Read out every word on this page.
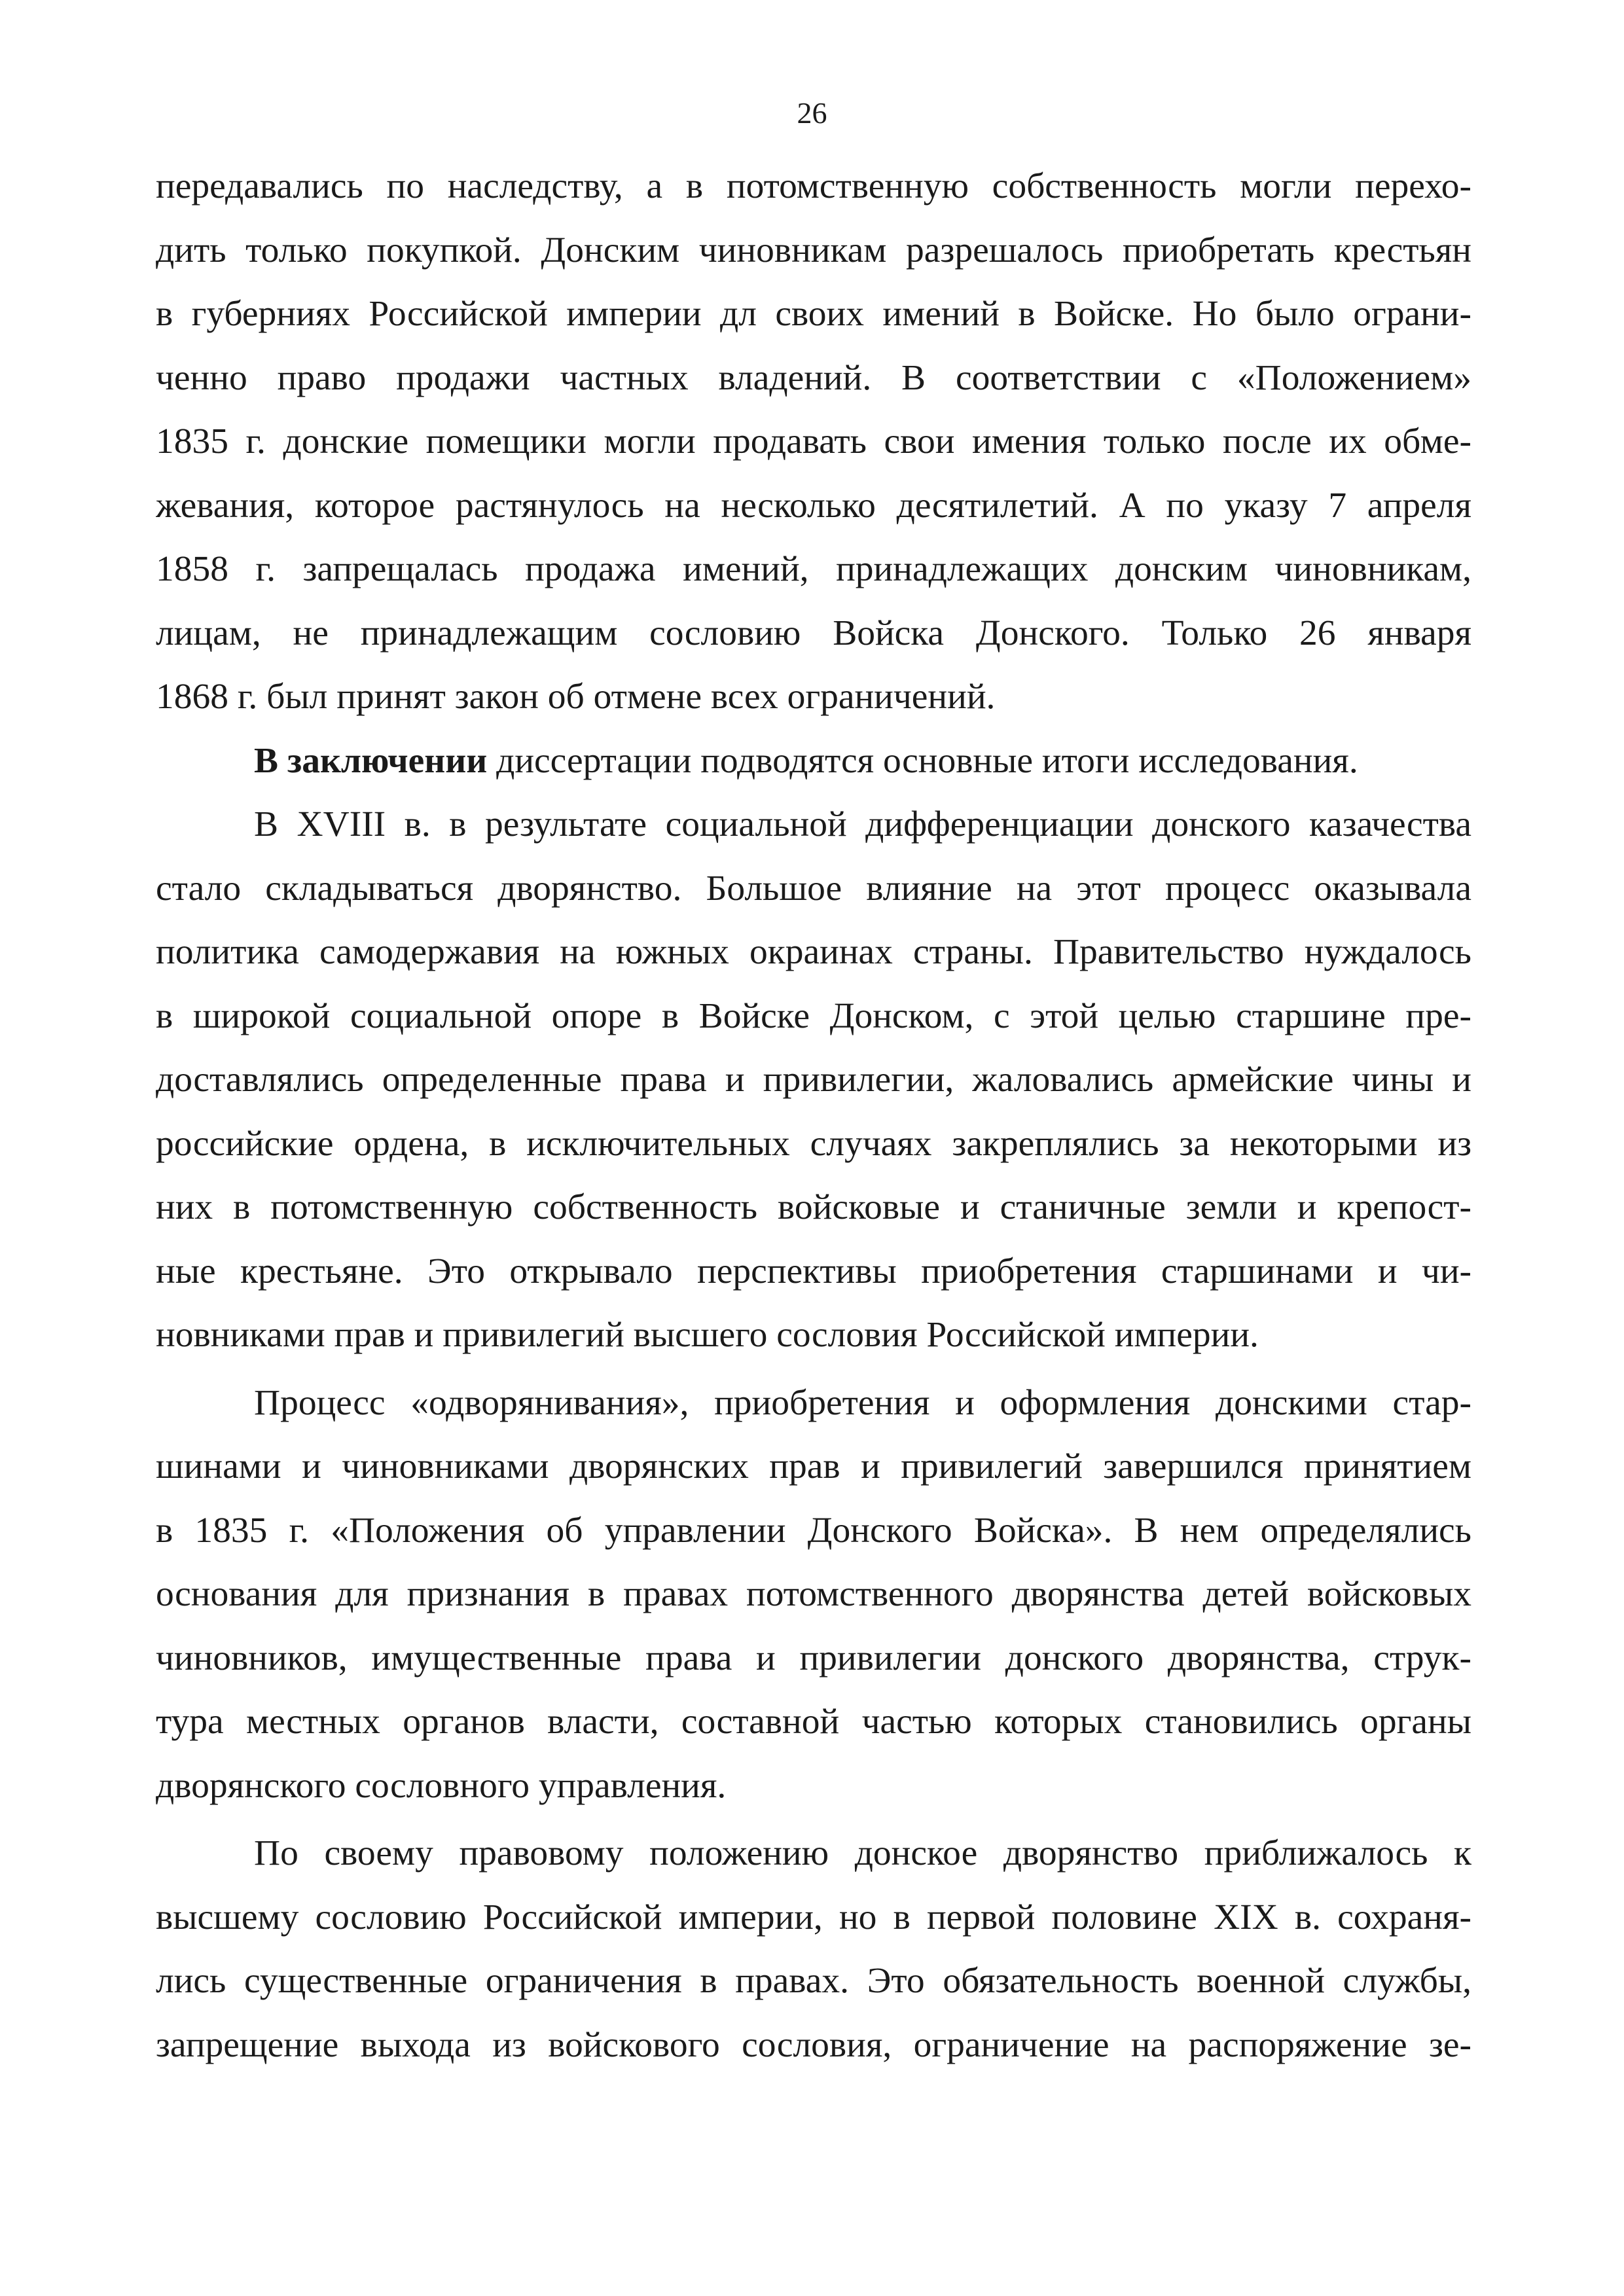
26
передавались по наследству, а в потомственную собственность могли перехо-
дить только покупкой. Донским чиновникам разрешалось приобретать крестьян
в губерниях Российской империи дл своих имений в Войске. Но было ограни-
ченно право продажи частных владений. В соответствии с «Положением»
1835 г. донские помещики могли продавать свои имения только после их обме-
жевания, которое растянулось на несколько десятилетий. А по указу 7 апреля
1858 г. запрещалась продажа имений, принадлежащих донским чиновникам,
лицам, не принадлежащим сословию Войска Донского. Только 26 января
1868 г. был принят закон об отмене всех ограничений.
В заключении диссертации подводятся основные итоги исследования.
В XVIII в. в результате социальной дифференциации донского казачества
стало складываться дворянство. Большое влияние на этот процесс оказывала
политика самодержавия на южных окраинах страны. Правительство нуждалось
в широкой социальной опоре в Войске Донском, с этой целью старшине пре-
доставлялись определенные права и привилегии, жаловались армейские чины и
российские ордена, в исключительных случаях закреплялись за некоторыми из
них в потомственную собственность войсковые и станичные земли и крепост-
ные крестьяне. Это открывало перспективы приобретения старшинами и чи-
новниками прав и привилегий высшего сословия Российской империи.
Процесс «одворянивания», приобретения и оформления донскими стар-
шинами и чиновниками дворянских прав и привилегий завершился принятием
в 1835 г. «Положения об управлении Донского Войска». В нем определялись
основания для признания в правах потомственного дворянства детей войсковых
чиновников, имущественные права и привилегии донского дворянства, струк-
тура местных органов власти, составной частью которых становились органы
дворянского сословного управления.
По своему правовому положению донское дворянство приближалось к
высшему сословию Российской империи, но в первой половине XIX в. сохраня-
лись существенные ограничения в правах. Это обязательность военной службы,
запрещение выхода из войскового сословия, ограничение на распоряжение зе-
